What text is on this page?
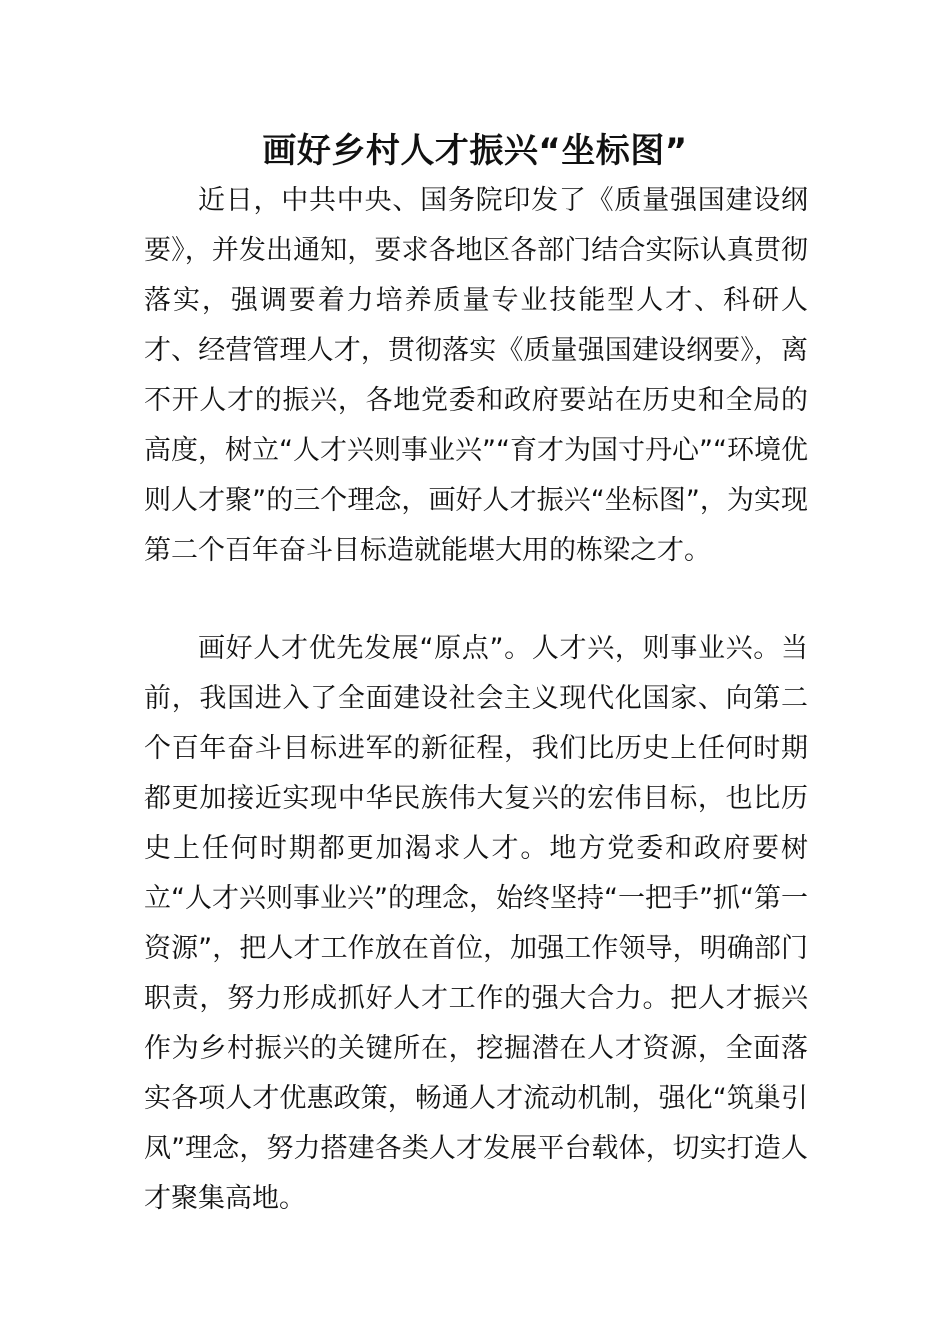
画好乡村人才振兴“坐标图”

近日，中共中央、国务院印发了《质量强国建设纲要》，并发出通知，要求各地区各部门结合实际认真贯彻落实，强调要着力培养质量专业技能型人才、科研人才、经营管理人才，贯彻落实《质量强国建设纲要》，离不开人才的振兴，各地党委和政府要站在历史和全局的高度，树立“人才兴则事业兴”“育才为国寸丹心”“环境优则人才聚”的三个理念，画好人才振兴“坐标图”，为实现第二个百年奋斗目标造就能堪大用的栋梁之才。

画好人才优先发展“原点”。人才兴，则事业兴。当前，我国进入了全面建设社会主义现代化国家、向第二个百年奋斗目标进军的新征程，我们比历史上任何时期都更加接近实现中华民族伟大复兴的宏伟目标，也比历史上任何时期都更加渴求人才。地方党委和政府要树立“人才兴则事业兴”的理念，始终坚持“一把手”抓“第一资源”，把人才工作放在首位，加强工作领导，明确部门职责，努力形成抓好人才工作的强大合力。把人才振兴作为乡村振兴的关键所在，挖掘潜在人才资源，全面落实各项人才优惠政策，畅通人才流动机制，强化“筑巢引凤”理念，努力搭建各类人才发展平台载体，切实打造人才聚集高地。
